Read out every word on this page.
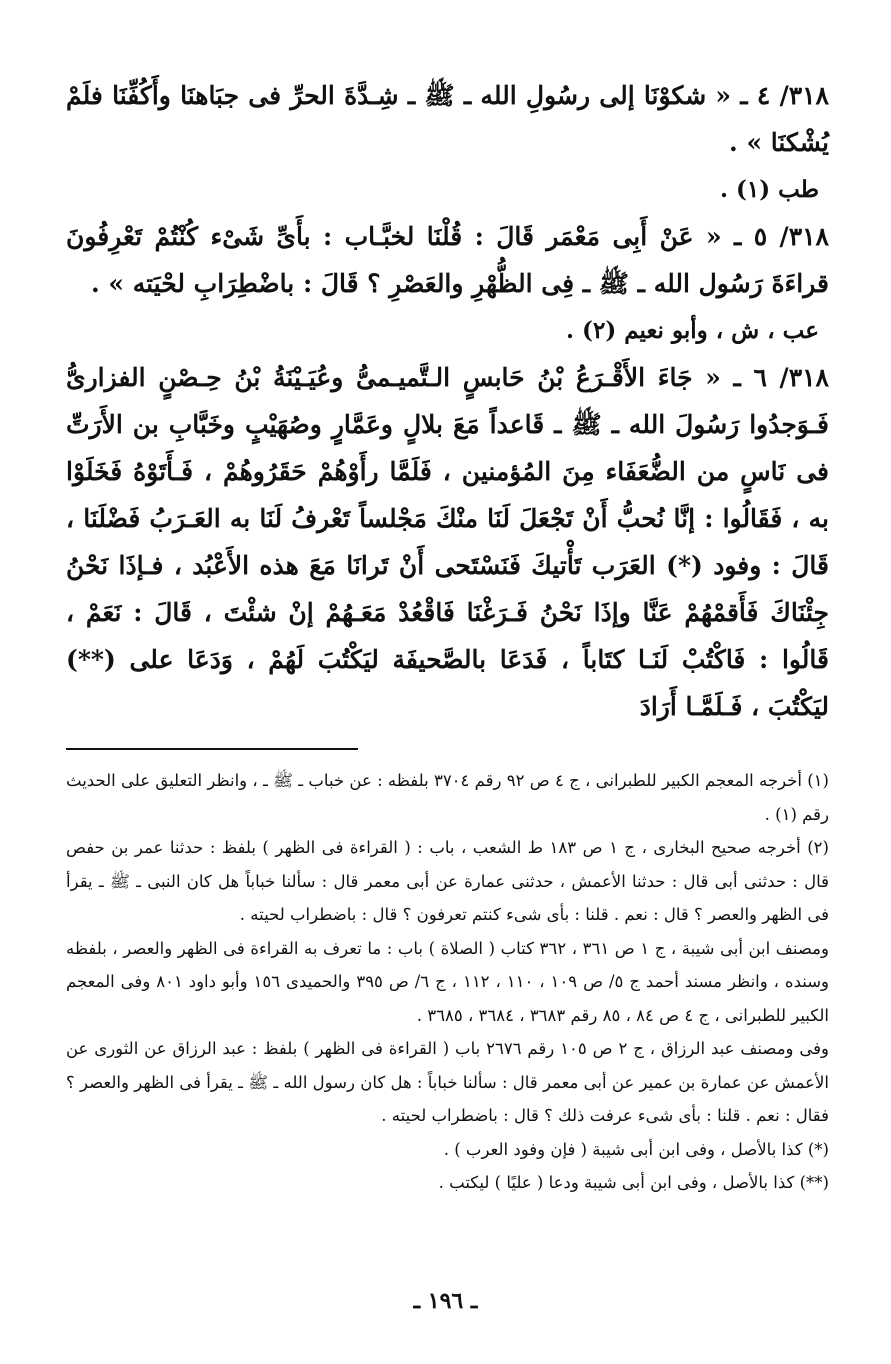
٣١٨/ ٤ ـ « شكوْنَا إلى رسُولِ الله ـ ﷺ ـ شِـدَّةَ الحرِّ فى جبَاهنَا وأَكُفِّنَا فلَمْ يُشْكنَا » .

طب (١) .

٣١٨/ ٥ ـ « عَنْ أَبِى مَعْمَر قَالَ : قُلْنَا لخبَّـاب : بأَىِّ شَىْء كُنْتُمْ تَعْرِفُونَ قراءَةَ رَسُول الله ـ ﷺ ـ فِى الظُّهْرِ والعَصْرِ ؟ قَالَ : باضْطِرَابِ لحْيَته » .

عب ، ش ، وأبو نعيم (٢) .

٣١٨/ ٦ ـ « جَاءَ الأَقْـرَعُ بْنُ حَابسٍ الـتَّميـمىُّ وعُيَـيْنَةُ بْنُ حِـصْنٍ الفزارىُّ فَـوَجدُوا رَسُولَ الله ـ ﷺ ـ قَاعداً مَعَ بلالٍ وعَمَّارٍ وصُهَيْبٍ وخَبَّابِ بن الأَرَتِّ فى نَاسٍ من الضُّعَفَاء مِنَ المُؤمنين ، فَلَمَّا رأَوْهُمْ حَقَرُوهُمْ ، فَـأَتَوْهُ فَخَلَوْا به ، فَقَالُوا : إنَّا نُحبُّ أَنْ تَجْعَلَ لَنَا منْكَ مَجْلساً تَعْرفُ لَنَا به العَـرَبُ فَضْلَنَا ، قَالَ : وفود (*) العَرَب تَأْتيكَ فَنَسْتَحى أَنْ تَرانَا مَعَ هذه الأَعْبُد ، فـإذَا نَحْنُ جِئْنَاكَ فَأَقمْهُمْ عَنَّا وإذَا نَحْنُ فَـرَغْنَا فَاقْعُدْ مَعَـهُمْ إنْ شئْتَ ، قَالَ : نَعَمْ ، قَالُوا : فَاكْتُبْ لَنَـا كتَاباً ، فَدَعَا بالصَّحيفَة ليَكْتُبَ لَهُمْ ، وَدَعَا على (**) ليَكْتُبَ ، فَـلَمَّـا أَرَادَ

(١) أخرجه المعجم الكبير للطبرانى ، ج ٤ ص ٩٢ رقم ٣٧٠٤ بلفظه : عن خباب ـ ﷺ ـ ، وانظر التعليق على الحديث رقم (١) .

(٢) أخرجه صحيح البخارى ، ج ١ ص ١٨٣ ط الشعب ، باب : ( القراءة فى الظهر ) بلفظ : حدثنا عمر بن حفص قال : حدثنى أبى قال : حدثنا الأعمش ، حدثنى عمارة عن أبى معمر قال : سألنا خباباً هل كان النبى ـ ﷺ ـ يقرأ فى الظهر والعصر ؟ قال : نعم . قلنا : بأى شىء كنتم تعرفون ؟ قال : باضطراب لحيته .

ومصنف ابن أبى شيبة ، ج ١ ص ٣٦١ ، ٣٦٢ كتاب ( الصلاة ) باب : ما تعرف به القراءة فى الظهر والعصر ، بلفظه وسنده ، وانظر مسند أحمد ج ٥/ ص ١٠٩ ، ١١٠ ، ١١٢ ، ج ٦/ ص ٣٩٥ والحميدى ١٥٦ وأبو داود ٨٠١ وفى المعجم الكبير للطبرانى ، ج ٤ ص ٨٤ ، ٨٥ رقم ٣٦٨٣ ، ٣٦٨٤ ، ٣٦٨٥ .

وفى ومصنف عبد الرزاق ، ج ٢ ص ١٠٥ رقم ٢٦٧٦ باب ( القراءة فى الظهر ) بلفظ : عبد الرزاق عن الثورى عن الأعمش عن عمارة بن عمير عن أبى معمر قال : سألنا خباباً : هل كان رسول الله ـ ﷺ ـ يقرأ فى الظهر والعصر ؟ فقال : نعم . قلنا : بأى شىء عرفت ذلك ؟ قال : باضطراب لحيته .

(*) كذا بالأصل ، وفى ابن أبى شيبة ( فإن وفود العرب ) .

(**) كذا بالأصل ، وفى ابن أبى شيبة ودعا ( عليًا ) ليكتب .

ـ ١٩٦ ـ
